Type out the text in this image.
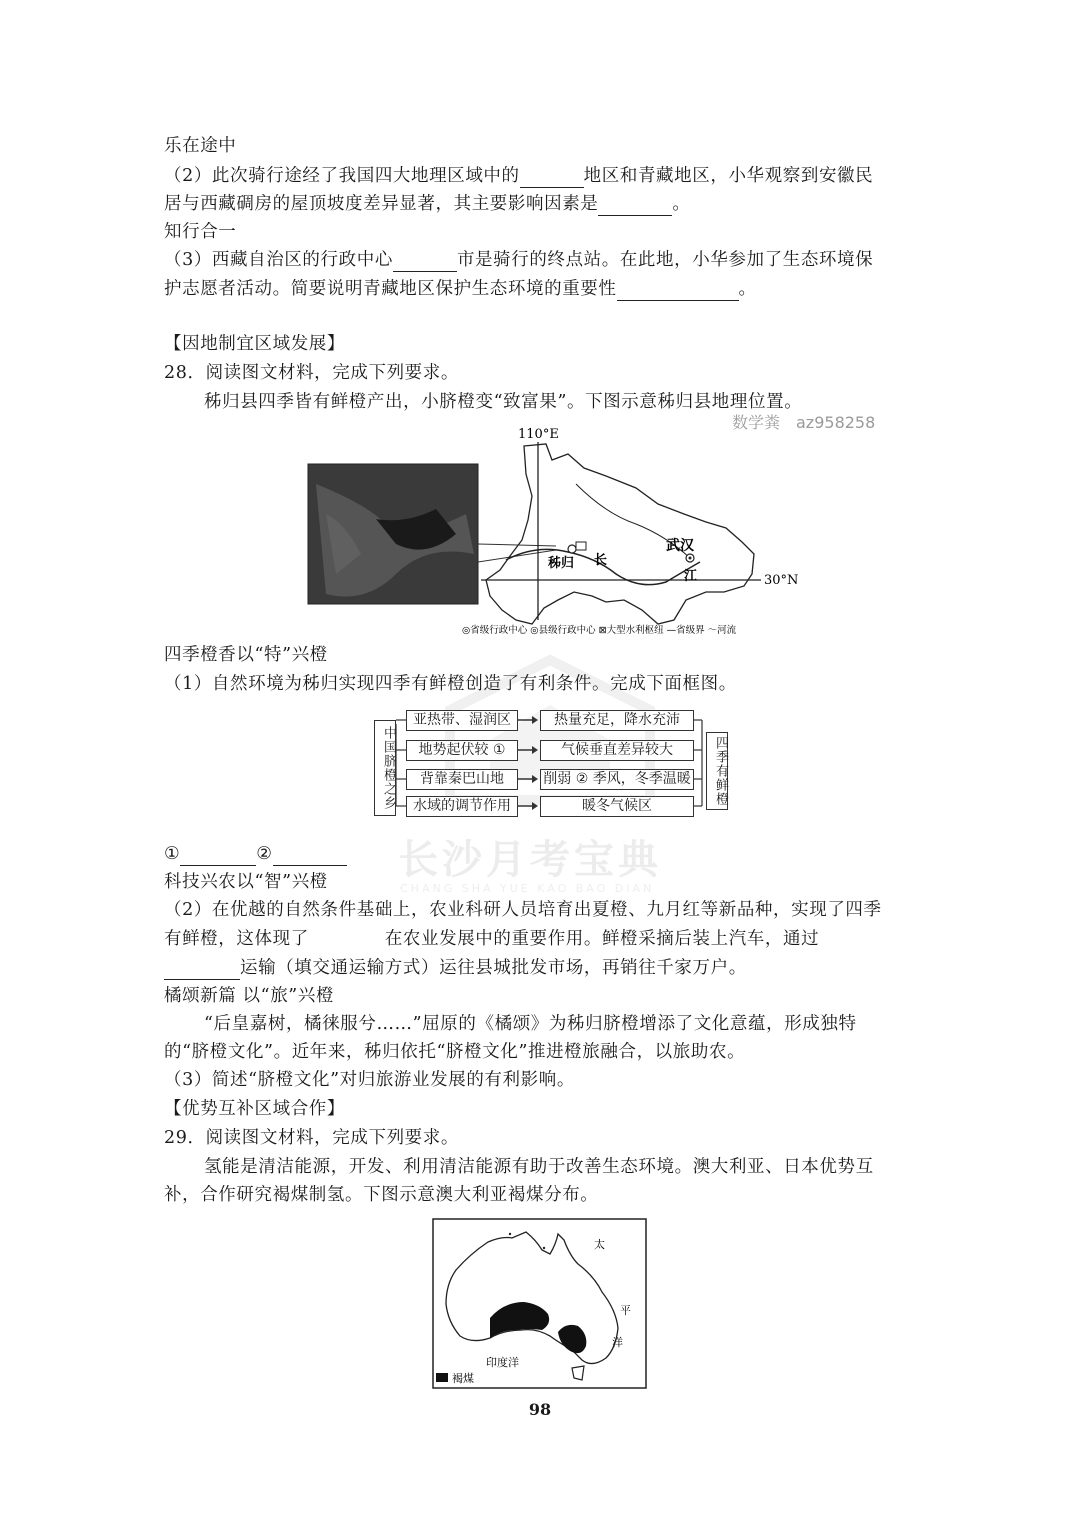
长沙月考宝典
CHANG SHA YUE KAO BAO DIAN
乐在途中
（2）此次骑行途经了我国四大地理区域中的	地区和青藏地区，小华观察到安徽民
居与西藏碉房的屋顶坡度差异显著，其主要影响因素是	。
知行合一
（3）西藏自治区的行政中心	市是骑行的终点站。在此地，小华参加了生态环境保
护志愿者活动。简要说明青藏地区保护生态环境的重要性	。
【因地制宜区域发展】
28．阅读图文材料，完成下列要求。
秭归县四季皆有鲜橙产出，小脐橙变“致富果”。下图示意秭归县地理位置。
数学粪　az958258
110°E
30°N
秭归 长
武汉
江
◎省级行政中心 ◎县级行政中心 ⊠大型水利枢纽 —省级界 〜河流
四季橙香以“特”兴橙
（1）自然环境为秭归实现四季有鲜橙创造了有利条件。完成下面框图。
中国脐橙之乡	四季有鲜橙
亚热带、湿润区	热量充足，降水充沛
地势起伏较 ①	气候垂直差异较大
背靠秦巴山地	削弱 ② 季风，冬季温暖
水域的调节作用	暖冬气候区
①	②
科技兴农以“智”兴橙
（2）在优越的自然条件基础上，农业科研人员培育出夏橙、九月红等新品种，实现了四季
有鲜橙，这体现了	在农业发展中的重要作用。鲜橙采摘后装上汽车，通过
运输（填交通运输方式）运往县城批发市场，再销往千家万户。
橘颂新篇 以“旅”兴橙
“后皇嘉树，橘徕服兮……”屈原的《橘颂》为秭归脐橙增添了文化意蕴，形成独特
的“脐橙文化”。近年来，秭归依托“脐橙文化”推进橙旅融合，以旅助农。
（3）简述“脐橙文化”对归旅游业发展的有利影响。
【优势互补区域合作】
29．阅读图文材料，完成下列要求。
氢能是清洁能源，开发、利用清洁能源有助于改善生态环境。澳大利亚、日本优势互
补，合作研究褐煤制氢。下图示意澳大利亚褐煤分布。
太
平
洋
印度洋
褐煤
98
